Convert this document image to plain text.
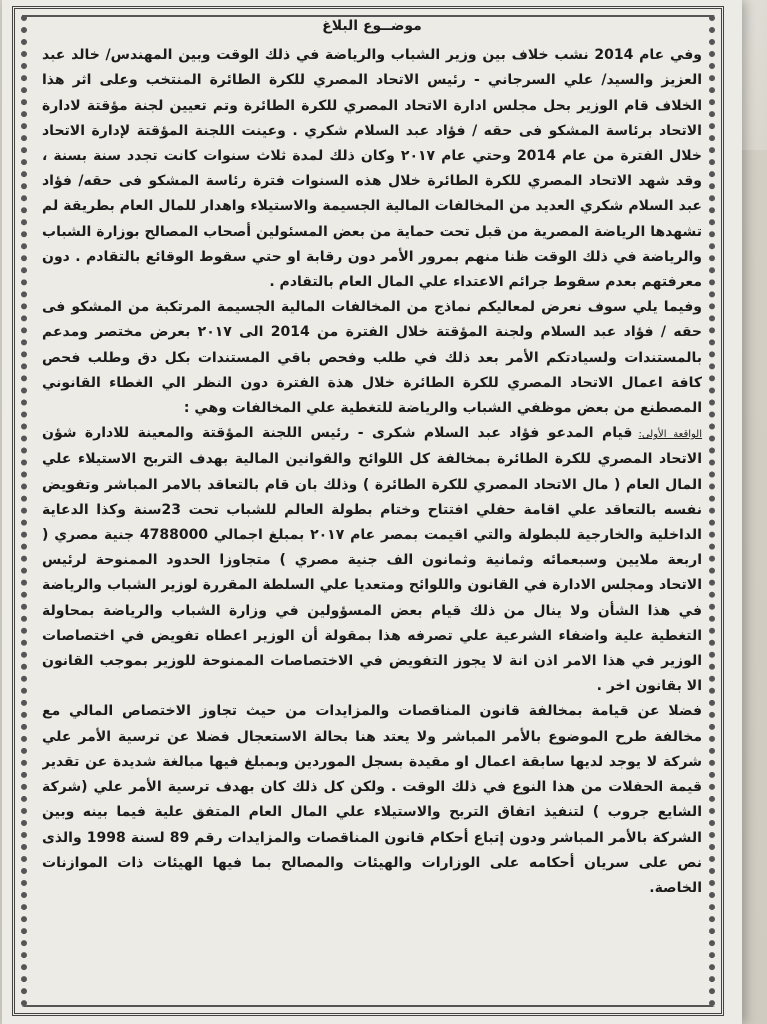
موضــوع البلاغ

وفي عام 2014 نشب خلاف بين وزير الشباب والرياضة في ذلك الوقت وبين المهندس/ خالد عبد العزيز والسيد/ علي السرجاني - رئيس الاتحاد المصري للكرة الطائرة المنتخب وعلى اثر هذا الخلاف قام الوزير بحل مجلس ادارة الاتحاد المصري للكرة الطائرة وتم تعيين لجنة مؤقتة لادارة الاتحاد برئاسة المشكو فى حقه / فؤاد عبد السلام شكري . وعينت اللجنة المؤقتة لإدارة الاتحاد خلال الفترة من عام 2014 وحتي عام ٢٠١٧ وكان ذلك لمدة ثلاث سنوات كانت تجدد سنة بسنة ، وقد شهد الاتحاد المصري للكرة الطائرة خلال هذه السنوات فترة رئاسة المشكو فى حقه/ فؤاد عبد السلام شكري العديد من المخالفات المالية الجسيمة والاستيلاء واهدار للمال العام بطريقة لم تشهدها الرياضة المصرية من قبل تحت حماية من بعض المسئولين أصحاب المصالح بوزارة الشباب والرياضة في ذلك الوقت ظنا منهم بمرور الأمر دون رقابة او حتي سقوط الوقائع بالتقادم . دون معرفتهم بعدم سقوط جرائم الاعتداء علي المال العام بالتقادم .

وفيما يلي سوف نعرض لمعاليكم نماذج من المخالفات المالية الجسيمة المرتكبة من المشكو فى حقه / فؤاد عبد السلام ولجنة المؤقتة خلال الفترة من 2014 الى ٢٠١٧ بعرض مختصر ومدعم بالمستندات ولسيادتكم الأمر بعد ذلك في طلب وفحص باقي المستندات بكل دق وطلب فحص كافة اعمال الاتحاد المصري للكرة الطائرة خلال هذة الفترة دون النظر الي الغطاء القانوني المصطنع من بعض موظفي الشباب والرياضة للتغطية علي المخالفات وهي :

الواقعة الأولى:قيام المدعو فؤاد عبد السلام شكرى - رئيس اللجنة المؤقتة والمعينة للادارة شؤن الاتحاد المصري للكرة الطائرة بمخالفة كل اللوائح والقوانين المالية بهدف التربح الاستيلاء علي المال العام ( مال الاتحاد المصري للكرة الطائرة ) وذلك بان قام بالتعاقد بالامر المباشر وتفويض نفسه بالتعاقد علي اقامة حفلي افتتاح وختام بطولة العالم للشباب تحت 23سنة وكذا الدعاية الداخلية والخارجية للبطولة والتي اقيمت بمصر عام ٢٠١٧ بمبلغ اجمالي 4788000 جنية مصري ( اربعة ملايين وسبعمائه وثمانية وثمانون الف جنية مصري ) متجاوزا الحدود الممنوحة لرئيس الاتحاد ومجلس الادارة في القانون واللوائح ومتعديا علي السلطة المقررة لوزير الشباب والرياضة في هذا الشأن ولا ينال من ذلك قيام بعض المسؤولين في وزارة الشباب والرياضة بمحاولة التغطية علية واضفاء الشرعية علي تصرفه هذا بمقولة أن الوزير اعطاه تفويض في اختصاصات الوزير في هذا الامر اذن انة لا يجوز التفويض في الاختصاصات الممنوحة للوزير بموجب القانون الا بقانون اخر .

فضلا عن قيامة بمخالفة قانون المناقصات والمزايدات من حيث تجاوز الاختصاص المالي مع مخالفة طرح الموضوع بالأمر المباشر ولا يعتد هنا بحالة الاستعجال فضلا عن ترسية الأمر علي شركة لا يوجد لديها سابقة اعمال او مقيدة بسجل الموردين وبمبلغ فيها مبالغة شديدة عن تقدير قيمة الحفلات من هذا النوع في ذلك الوقت . ولكن كل ذلك كان بهدف ترسية الأمر علي (شركة الشايع جروب ) لتنفيذ اتفاق التربح والاستيلاء علي المال العام المتفق علية فيما بينه وبين الشركة بالأمر المباشر ودون إتباع أحكام قانون المناقصات والمزايدات رقم 89 لسنة 1998 والذى نص على سريان أحكامه على الوزارات والهيئات والمصالح بما فيها الهيئات ذات الموازنات الخاصة.
